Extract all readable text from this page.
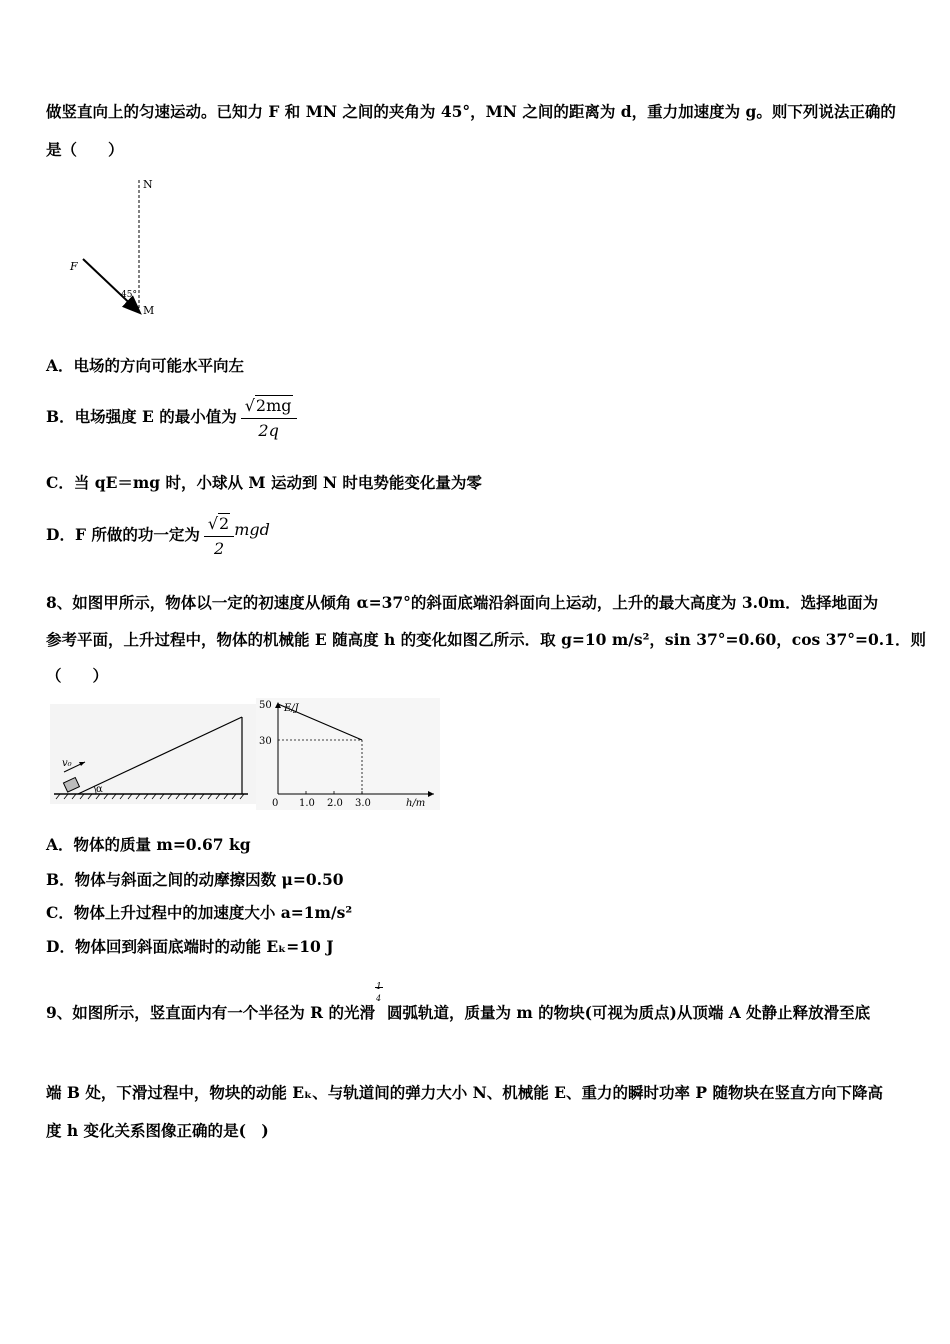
做竖直向上的匀速运动。已知力 F 和 MN 之间的夹角为 45°，MN 之间的距离为 d，重力加速度为 g。则下列说法正确的
是（　　）
N
M
F
45°
A．电场的方向可能水平向左
B．电场强度 E 的最小值为 $\frac{√2mg}{2q}$
C．当 qE＝mg 时，小球从 M 运动到 N 时电势能变化量为零
D．F 所做的功一定为 $\frac{√2}{2}$ mgd
8、如图甲所示，物体以一定的初速度从倾角 α=37°的斜面底端沿斜面向上运动，上升的最大高度为 3.0m．选择地面为
参考平面，上升过程中，物体的机械能 E 随高度 h 的变化如图乙所示．取 g=10 m/s²，sin 37°=0.60，cos 37°=0.1．则
（　　）
v₀
α
E/J
h/m
0 1.0 2.0 3.0
50
30
A．物体的质量 m=0.67 kg
B．物体与斜面之间的动摩擦因数 μ=0.50
C．物体上升过程中的加速度大小 a=1m/s²
D．物体回到斜面底端时的动能 Eₖ=10 J
9、如图所示，竖直面内有一个半径为 R 的光滑
1
4
圆弧轨道，质量为 m 的物块(可视为质点)从顶端 A 处静止释放滑至底
端 B 处，下滑过程中，物块的动能 Eₖ、与轨道间的弹力大小 N、机械能 E、重力的瞬时功率 P 随物块在竖直方向下降高
度 h 变化关系图像正确的是(　)
